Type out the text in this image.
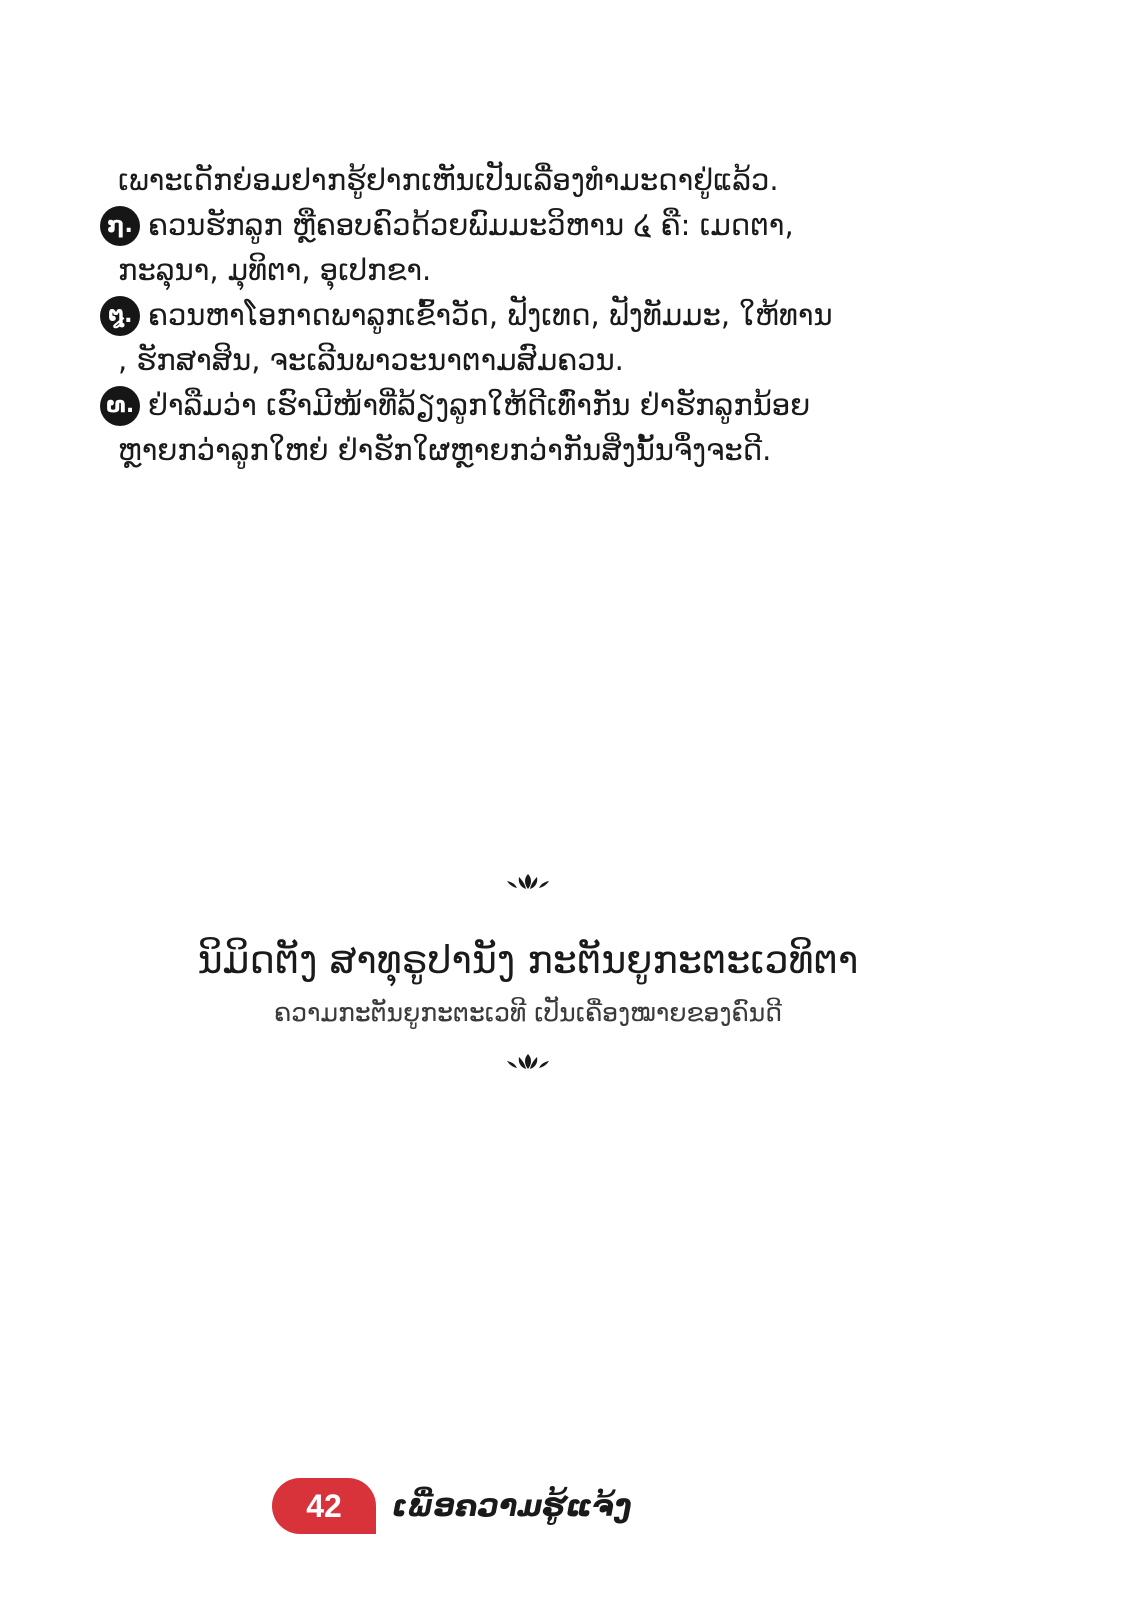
ເພາະເດັກຍ່ອມຢາກຮູ້ຢາກເຫັນເປັນເລື່ອງທຳມະດາຢູ່ແລ້ວ.
໗. ຄວນຮັກລູກ ຫຼືຄອບຄົວດ້ວຍພົມມະວິຫານ ໔ ຄື: ເມດຕາ,
ກະລຸນາ, ມຸທິຕາ, ອຸເປກຂາ.
໘. ຄວນຫາໂອກາດພາລູກເຂົ້າວັດ, ຟັງເທດ, ຟັງທັມມະ, ໃຫ້ທານ
, ຮັກສາສິນ, ຈະເລີນພາວະນາຕາມສົມຄວນ.
໙. ຢ່າລືມວ່າ ເຮົາມີໜ້າທີ່ລ້ຽງລູກໃຫ້ດີເທົ່າກັນ ຢ່າຮັກລູກນ້ອຍ
ຫຼາຍກວ່າລູກໃຫຍ່ ຢ່າຮັກໃຜຫຼາຍກວ່າກັນສິ່ງນັ້ນຈຶ່ງຈະດີ.
ນິມິດຕັງ ສາທຸຣູປານັງ ກະຕັນຍູກະຕະເວທິຕາ
ຄວາມກະຕັນຍູກະຕະເວທີ ເປັນເຄື່ອງໝາຍຂອງຄົນດີ
42	ເພື່ອຄວາມຮູ້ແຈ້ງ
